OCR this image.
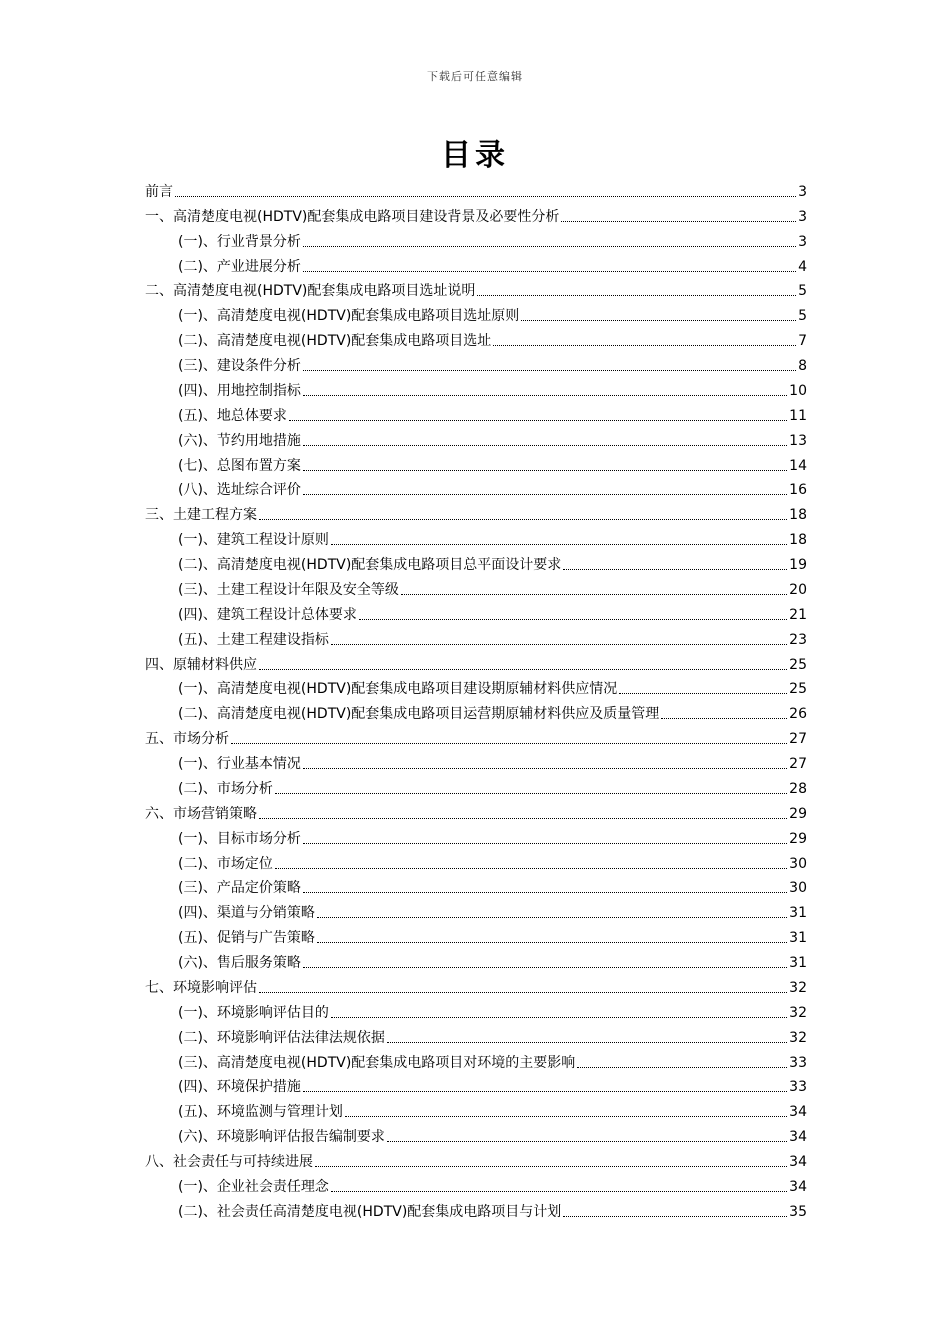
下载后可任意编辑
目录
前言	3
一、高清楚度电视(HDTV)配套集成电路项目建设背景及必要性分析	3
(一)、行业背景分析	3
(二)、产业进展分析	4
二、高清楚度电视(HDTV)配套集成电路项目选址说明	5
(一)、高清楚度电视(HDTV)配套集成电路项目选址原则	5
(二)、高清楚度电视(HDTV)配套集成电路项目选址	7
(三)、建设条件分析	8
(四)、用地控制指标	10
(五)、地总体要求	11
(六)、节约用地措施	13
(七)、总图布置方案	14
(八)、选址综合评价	16
三、土建工程方案	18
(一)、建筑工程设计原则	18
(二)、高清楚度电视(HDTV)配套集成电路项目总平面设计要求	19
(三)、土建工程设计年限及安全等级	20
(四)、建筑工程设计总体要求	21
(五)、土建工程建设指标	23
四、原辅材料供应	25
(一)、高清楚度电视(HDTV)配套集成电路项目建设期原辅材料供应情况	25
(二)、高清楚度电视(HDTV)配套集成电路项目运营期原辅材料供应及质量管理	26
五、市场分析	27
(一)、行业基本情况	27
(二)、市场分析	28
六、市场营销策略	29
(一)、目标市场分析	29
(二)、市场定位	30
(三)、产品定价策略	30
(四)、渠道与分销策略	31
(五)、促销与广告策略	31
(六)、售后服务策略	31
七、环境影响评估	32
(一)、环境影响评估目的	32
(二)、环境影响评估法律法规依据	32
(三)、高清楚度电视(HDTV)配套集成电路项目对环境的主要影响	33
(四)、环境保护措施	33
(五)、环境监测与管理计划	34
(六)、环境影响评估报告编制要求	34
八、社会责任与可持续进展	34
(一)、企业社会责任理念	34
(二)、社会责任高清楚度电视(HDTV)配套集成电路项目与计划	35
